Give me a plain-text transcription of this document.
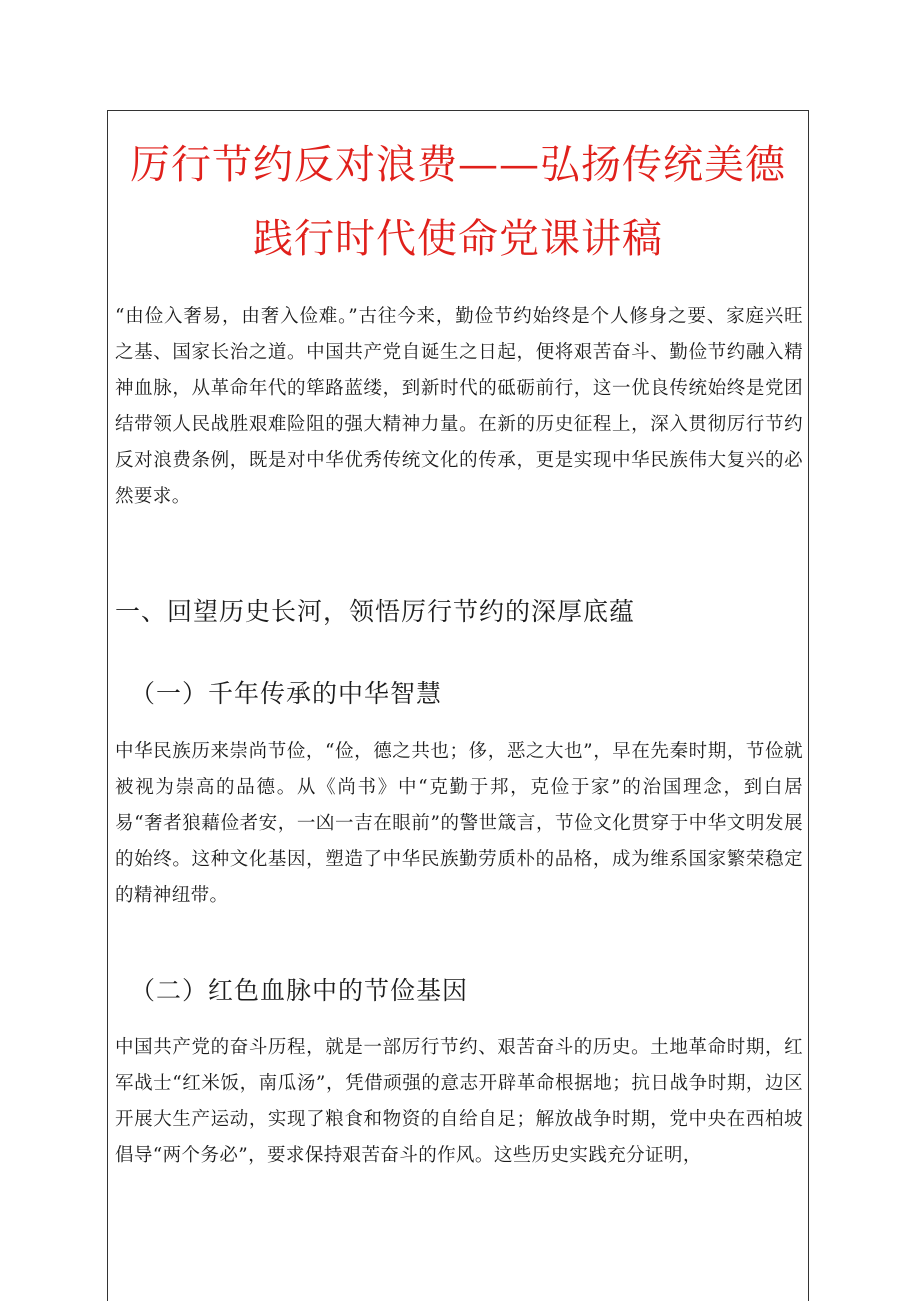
厉行节约反对浪费——弘扬传统美德践行时代使命党课讲稿

“由俭入奢易，由奢入俭难。”古往今来，勤俭节约始终是个人修身之要、家庭兴旺之基、国家长治之道。中国共产党自诞生之日起，便将艰苦奋斗、勤俭节约融入精神血脉，从革命年代的筚路蓝缕，到新时代的砥砺前行，这一优良传统始终是党团结带领人民战胜艰难险阻的强大精神力量。在新的历史征程上，深入贯彻厉行节约反对浪费条例，既是对中华优秀传统文化的传承，更是实现中华民族伟大复兴的必然要求。

一、回望历史长河，领悟厉行节约的深厚底蕴
（一）千年传承的中华智慧

中华民族历来崇尚节俭，“俭，德之共也；侈，恶之大也”，早在先秦时期，节俭就被视为崇高的品德。从《尚书》中“克勤于邦，克俭于家”的治国理念，到白居易“奢者狼藉俭者安，一凶一吉在眼前”的警世箴言，节俭文化贯穿于中华文明发展的始终。这种文化基因，塑造了中华民族勤劳质朴的品格，成为维系国家繁荣稳定的精神纽带。

（二）红色血脉中的节俭基因

中国共产党的奋斗历程，就是一部厉行节约、艰苦奋斗的历史。土地革命时期，红军战士“红米饭，南瓜汤”，凭借顽强的意志开辟革命根据地；抗日战争时期，边区开展大生产运动，实现了粮食和物资的自给自足；解放战争时期，党中央在西柏坡倡导“两个务必”，要求保持艰苦奋斗的作风。这些历史实践充分证明，
